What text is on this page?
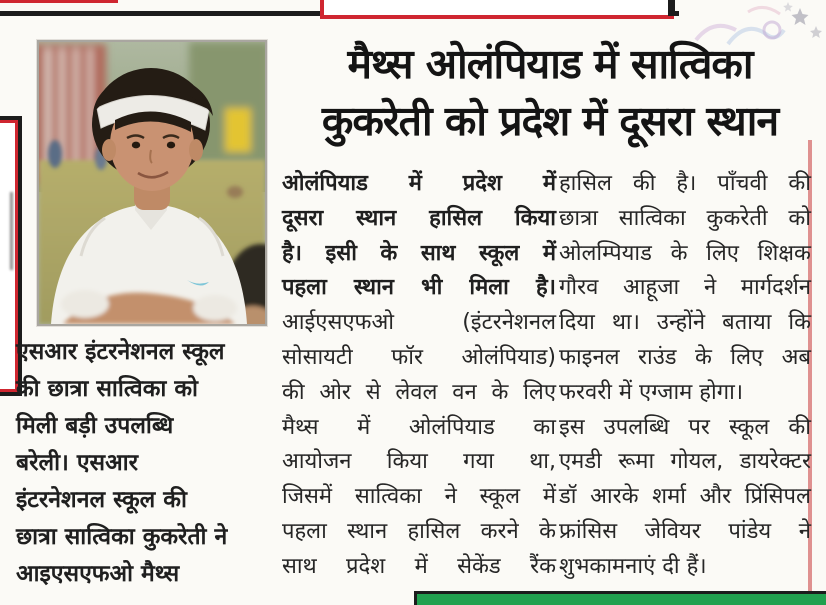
मैथ्स ओलंपियाड में सात्विका
कुकरेती को प्रदेश में दूसरा स्थान
एसआर इंटरनेशनल स्कूल
की छात्रा सात्विका को
मिली बड़ी उपलब्धि
बरेली। एसआर
इंटरनेशनल स्कूल की
छात्रा सात्विका कुकरेती ने
आइएसएफओ मैथ्स
ओलंपियाड में प्रदेश में
दूसरा स्थान हासिल किया
है। इसी के साथ स्कूल में
पहला स्थान भी मिला है।
आईएसएफओ	(इंटरनेशनल
सोसायटी फॉर ओलंपियाड)
की ओर से लेवल वन के लिए
मैथ्स में ओलंपियाड का
आयोजन किया गया था,
जिसमें सात्विका ने स्कूल में
पहला स्थान हासिल करने के
साथ प्रदेश में सेकेंड रैंक
हासिल की है। पाँचवी की
छात्रा सात्विका कुकरेती को
ओलम्पियाड के लिए शिक्षक
गौरव आहूजा ने मार्गदर्शन
दिया था। उन्होंने बताया कि
फाइनल राउंड के लिए अब
फरवरी में एग्जाम होगा।
इस उपलब्धि पर स्कूल की
एमडी रूमा गोयल, डायरेक्टर
डॉ आरके शर्मा और प्रिंसिपल
फ्रांसिस जेवियर पांडेय ने
शुभकामनाएं दी हैं।
